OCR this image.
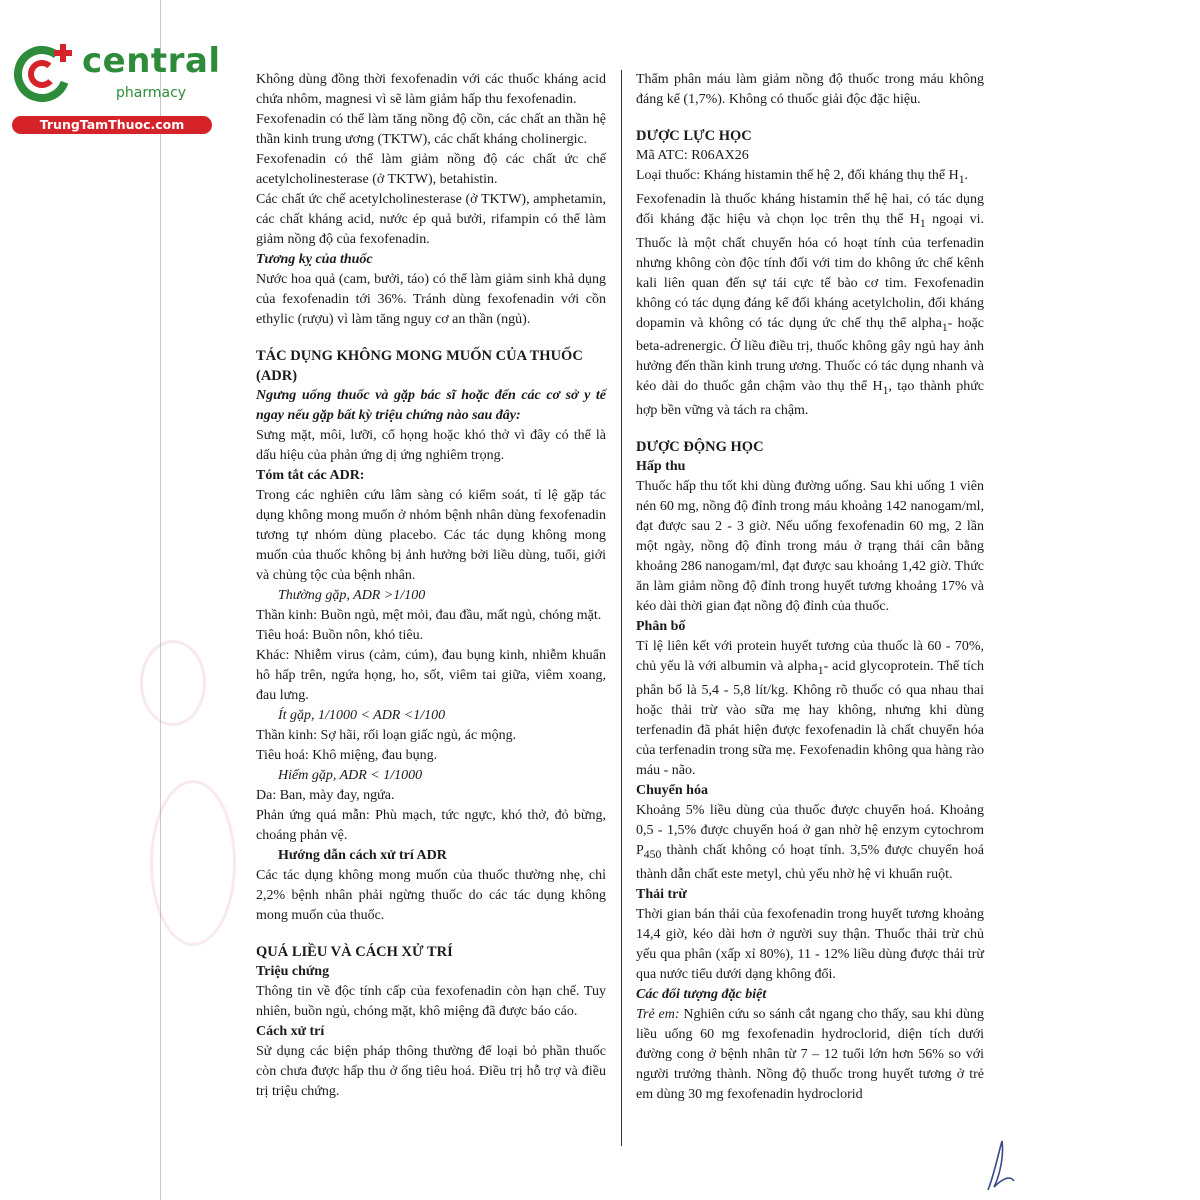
central
pharmacy
TrungTamThuoc.com

Không dùng đồng thời fexofenadin với các thuốc kháng acid chứa nhôm, magnesi vì sẽ làm giảm hấp thu fexofenadin.

Fexofenadin có thể làm tăng nồng độ cồn, các chất an thần hệ thần kinh trung ương (TKTW), các chất kháng cholinergic.

Fexofenadin có thể làm giảm nồng độ các chất ức chế acetylcholinesterase (ở TKTW), betahistin.

Các chất ức chế acetylcholinesterase (ở TKTW), amphetamin, các chất kháng acid, nước ép quả bưởi, rifampin có thể làm giảm nồng độ của fexofenadin.

Tương kỵ của thuốc

Nước hoa quả (cam, bưởi, táo) có thể làm giảm sinh khả dụng của fexofenadin tới 36%. Tránh dùng fexofenadin với cồn ethylic (rượu) vì làm tăng nguy cơ an thần (ngủ).

TÁC DỤNG KHÔNG MONG MUỐN CỦA THUỐC (ADR)

Ngưng uống thuốc và gặp bác sĩ hoặc đến các cơ sở y tế ngay nếu gặp bất kỳ triệu chứng nào sau đây:

Sưng mặt, môi, lưỡi, cổ họng hoặc khó thở vì đây có thể là dấu hiệu của phản ứng dị ứng nghiêm trọng.

Tóm tắt các ADR:

Trong các nghiên cứu lâm sàng có kiểm soát, tỉ lệ gặp tác dụng không mong muốn ở nhóm bệnh nhân dùng fexofenadin tương tự nhóm dùng placebo. Các tác dụng không mong muốn của thuốc không bị ảnh hưởng bởi liều dùng, tuổi, giới và chủng tộc của bệnh nhân.

Thường gặp, ADR >1/100

Thần kinh: Buồn ngủ, mệt mỏi, đau đầu, mất ngủ, chóng mặt.

Tiêu hoá: Buồn nôn, khó tiêu.

Khác: Nhiễm virus (cảm, cúm), đau bụng kinh, nhiễm khuẩn hô hấp trên, ngứa họng, ho, sốt, viêm tai giữa, viêm xoang, đau lưng.

Ít gặp, 1/1000 < ADR <1/100

Thần kinh: Sợ hãi, rối loạn giấc ngủ, ác mộng.

Tiêu hoá: Khô miệng, đau bụng.

Hiếm gặp, ADR < 1/1000

Da: Ban, mày đay, ngứa.

Phản ứng quá mẫn: Phù mạch, tức ngực, khó thở, đỏ bừng, choáng phản vệ.

Hướng dẫn cách xử trí ADR

Các tác dụng không mong muốn của thuốc thường nhẹ, chỉ 2,2% bệnh nhân phải ngừng thuốc do các tác dụng không mong muốn của thuốc.

QUÁ LIỀU VÀ CÁCH XỬ TRÍ
Triệu chứng

Thông tin về độc tính cấp của fexofenadin còn hạn chế. Tuy nhiên, buồn ngủ, chóng mặt, khô miệng đã được báo cáo.

Cách xử trí

Sử dụng các biện pháp thông thường để loại bỏ phần thuốc còn chưa được hấp thu ở ống tiêu hoá. Điều trị hỗ trợ và điều trị triệu chứng.

Thẩm phân máu làm giảm nồng độ thuốc trong máu không đáng kể (1,7%). Không có thuốc giải độc đặc hiệu.

DƯỢC LỰC HỌC

Mã ATC: R06AX26

Loại thuốc: Kháng histamin thế hệ 2, đối kháng thụ thể $H_1$.

Fexofenadin là thuốc kháng histamin thế hệ hai, có tác dụng đối kháng đặc hiệu và chọn lọc trên thụ thể $H_1$ ngoại vi. Thuốc là một chất chuyển hóa có hoạt tính của terfenadin nhưng không còn độc tính đối với tim do không ức chế kênh kali liên quan đến sự tái cực tế bào cơ tim. Fexofenadin không có tác dụng đáng kể đối kháng acetylcholin, đối kháng dopamin và không có tác dụng ức chế thụ thể alpha$_1$- hoặc beta-adrenergic. Ở liều điều trị, thuốc không gây ngủ hay ảnh hưởng đến thần kinh trung ương. Thuốc có tác dụng nhanh và kéo dài do thuốc gắn chậm vào thụ thể $H_1$, tạo thành phức hợp bền vững và tách ra chậm.

DƯỢC ĐỘNG HỌC
Hấp thu

Thuốc hấp thu tốt khi dùng đường uống. Sau khi uống 1 viên nén 60 mg, nồng độ đỉnh trong máu khoảng 142 nanogam/ml, đạt được sau 2 - 3 giờ. Nếu uống fexofenadin 60 mg, 2 lần một ngày, nồng độ đỉnh trong máu ở trạng thái cân bằng khoảng 286 nanogam/ml, đạt được sau khoảng 1,42 giờ. Thức ăn làm giảm nồng độ đỉnh trong huyết tương khoảng 17% và kéo dài thời gian đạt nồng độ đỉnh của thuốc.

Phân bố

Tỉ lệ liên kết với protein huyết tương của thuốc là 60 - 70%, chủ yếu là với albumin và alpha$_1$- acid glycoprotein. Thể tích phân bố là 5,4 - 5,8 lít/kg. Không rõ thuốc có qua nhau thai hoặc thải trừ vào sữa mẹ hay không, nhưng khi dùng terfenadin đã phát hiện được fexofenadin là chất chuyển hóa của terfenadin trong sữa mẹ. Fexofenadin không qua hàng rào máu - não.

Chuyển hóa

Khoảng 5% liều dùng của thuốc được chuyển hoá. Khoảng 0,5 - 1,5% được chuyển hoá ở gan nhờ hệ enzym cytochrom $P_{450}$ thành chất không có hoạt tính. 3,5% được chuyển hoá thành dẫn chất este metyl, chủ yếu nhờ hệ vi khuẩn ruột.

Thải trừ

Thời gian bán thải của fexofenadin trong huyết tương khoảng 14,4 giờ, kéo dài hơn ở người suy thận. Thuốc thải trừ chủ yếu qua phân (xấp xỉ 80%), 11 - 12% liều dùng được thải trừ qua nước tiểu dưới dạng không đổi.

Các đối tượng đặc biệt

Trẻ em: Nghiên cứu so sánh cắt ngang cho thấy, sau khi dùng liều uống 60 mg fexofenadin hydroclorid, diện tích dưới đường cong ở bệnh nhân từ 7 – 12 tuổi lớn hơn 56% so với người trưởng thành. Nồng độ thuốc trong huyết tương ở trẻ em dùng 30 mg fexofenadin hydroclorid
